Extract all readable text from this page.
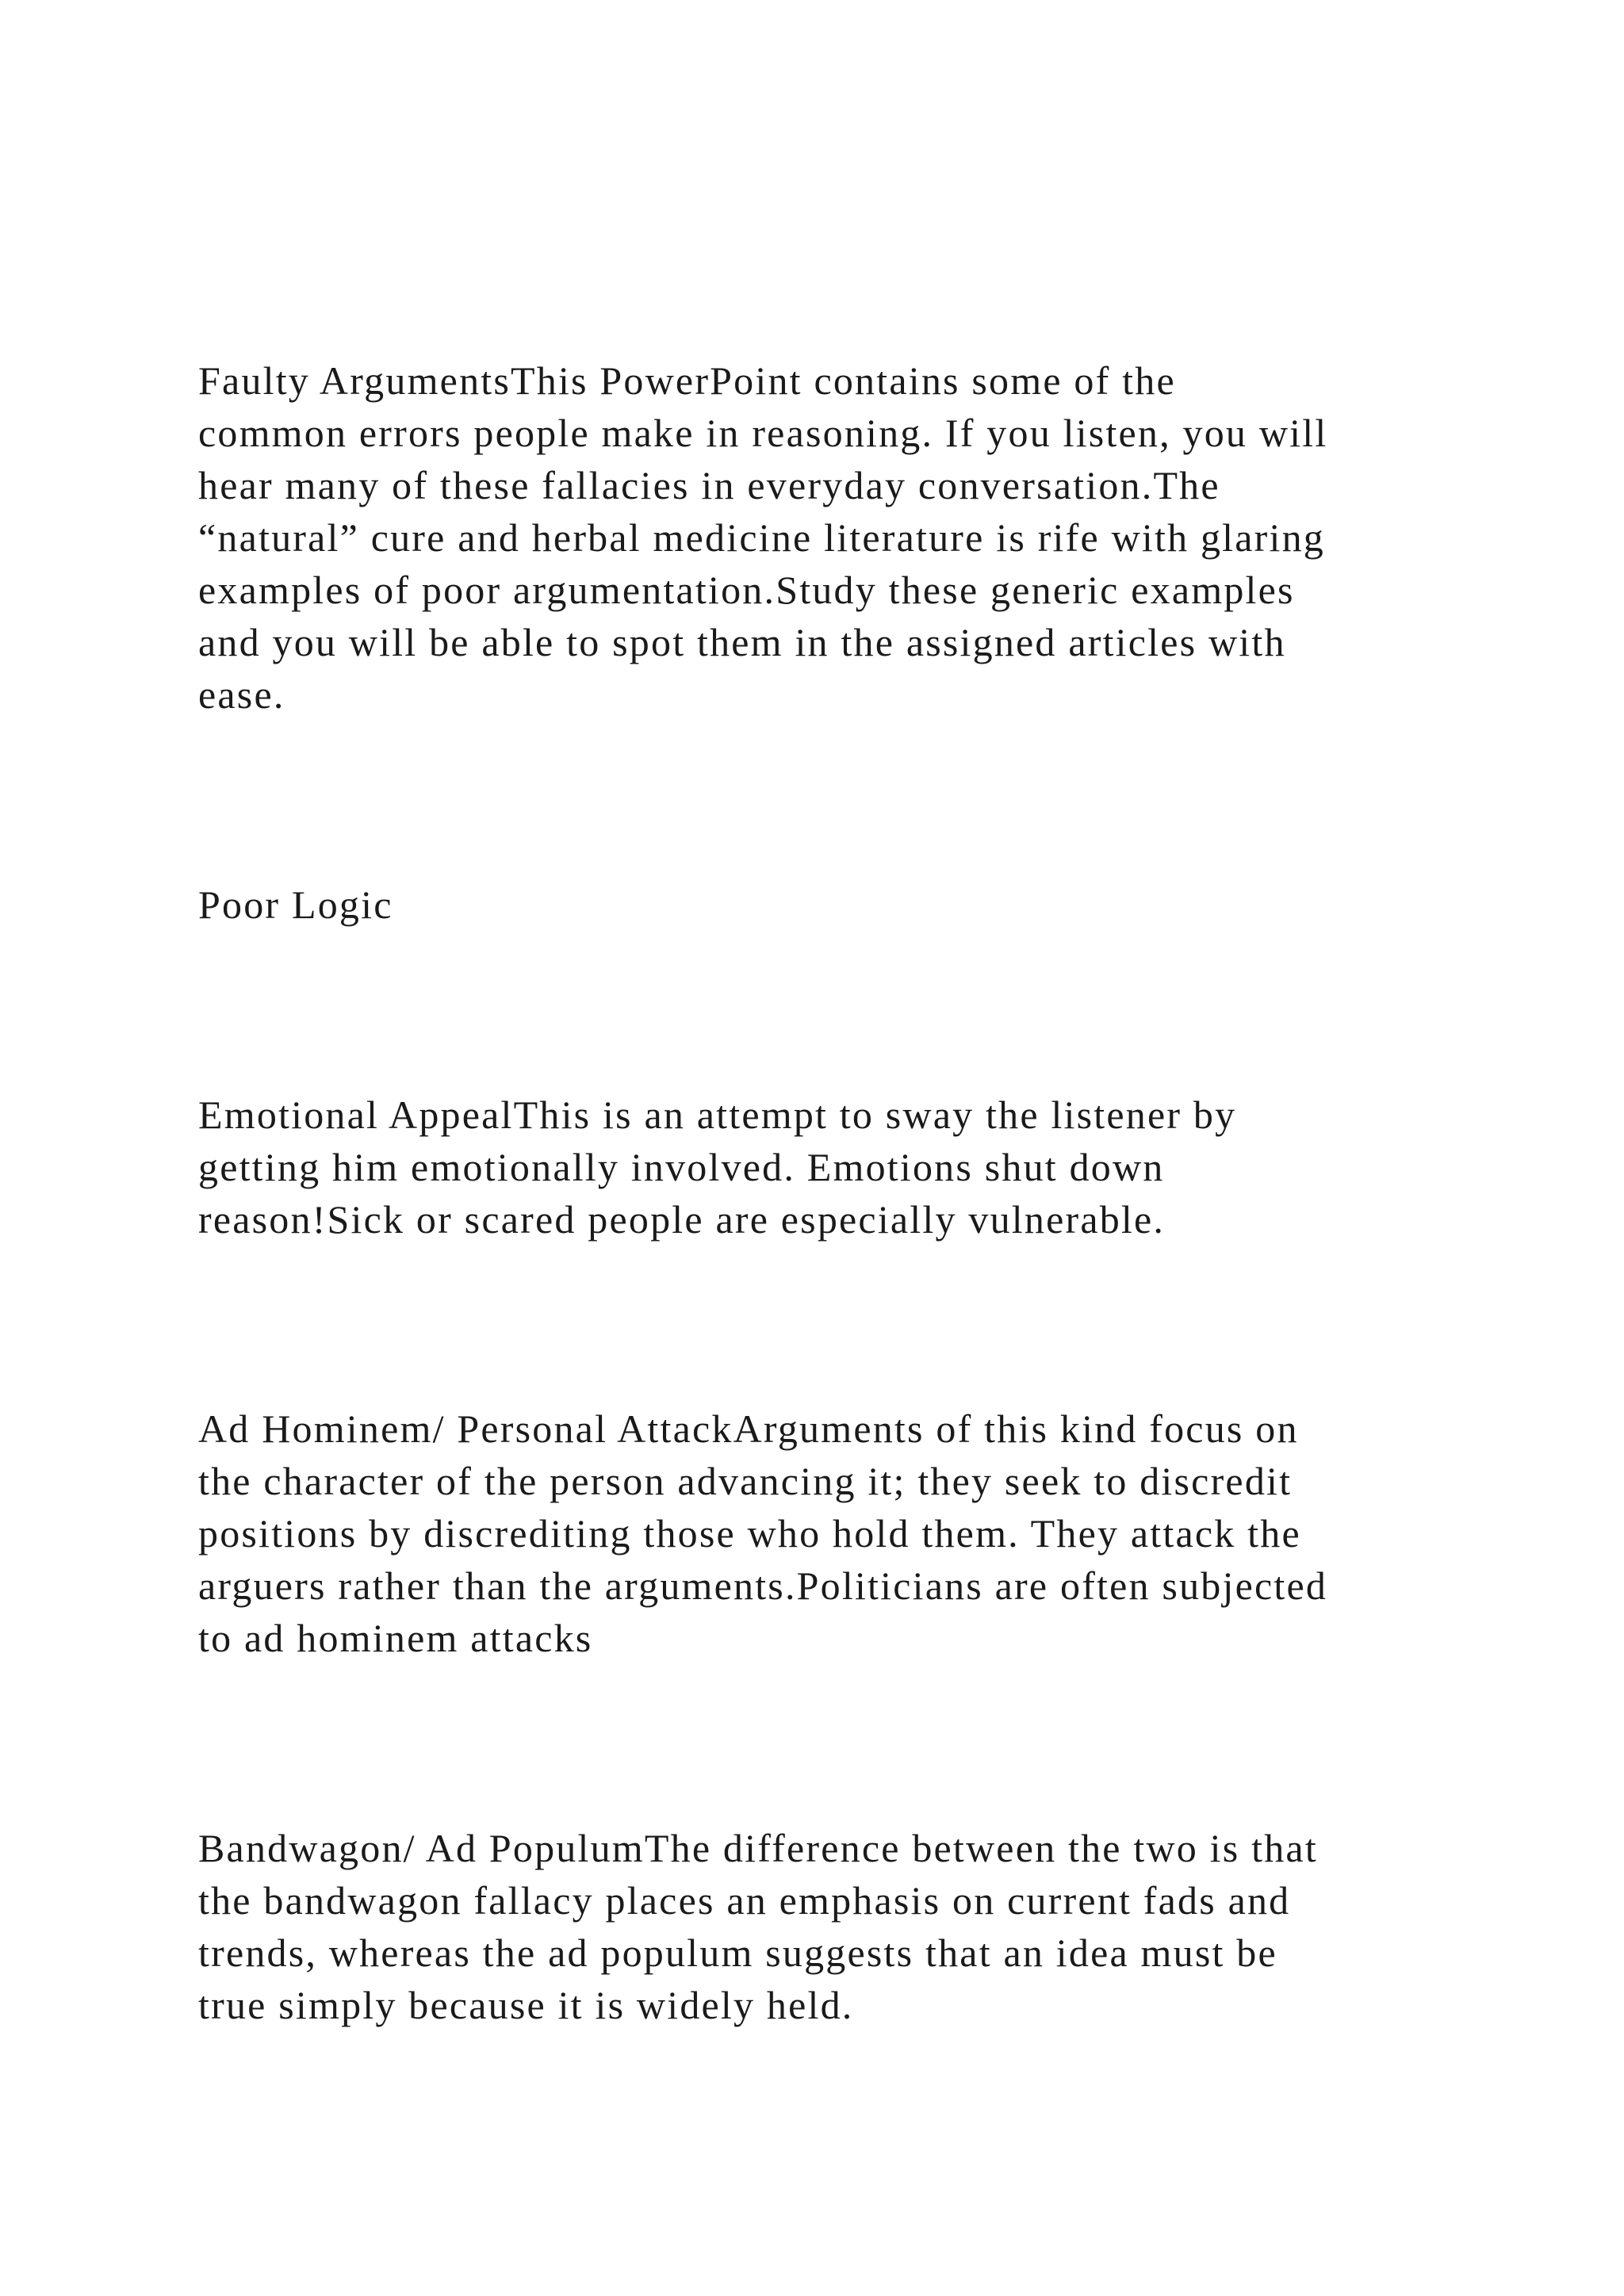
Faulty ArgumentsThis PowerPoint contains some of the

common errors people make in reasoning. If you listen, you will

hear many of these fallacies in everyday conversation.The

“natural” cure and herbal medicine literature is rife with glaring

examples of poor argumentation.Study these generic examples

and you will be able to spot them in the assigned articles with

ease.

Poor Logic

Emotional AppealThis is an attempt to sway the listener by

getting him emotionally involved. Emotions shut down

reason!Sick or scared people are especially vulnerable.

Ad Hominem/ Personal AttackArguments of this kind focus on

the character of the person advancing it; they seek to discredit

positions by discrediting those who hold them. They attack the

arguers rather than the arguments.Politicians are often subjected

to ad hominem attacks

Bandwagon/ Ad PopulumThe difference between the two is that

the bandwagon fallacy places an emphasis on current fads and

trends, whereas the ad populum suggests that an idea must be

true simply because it is widely held.
